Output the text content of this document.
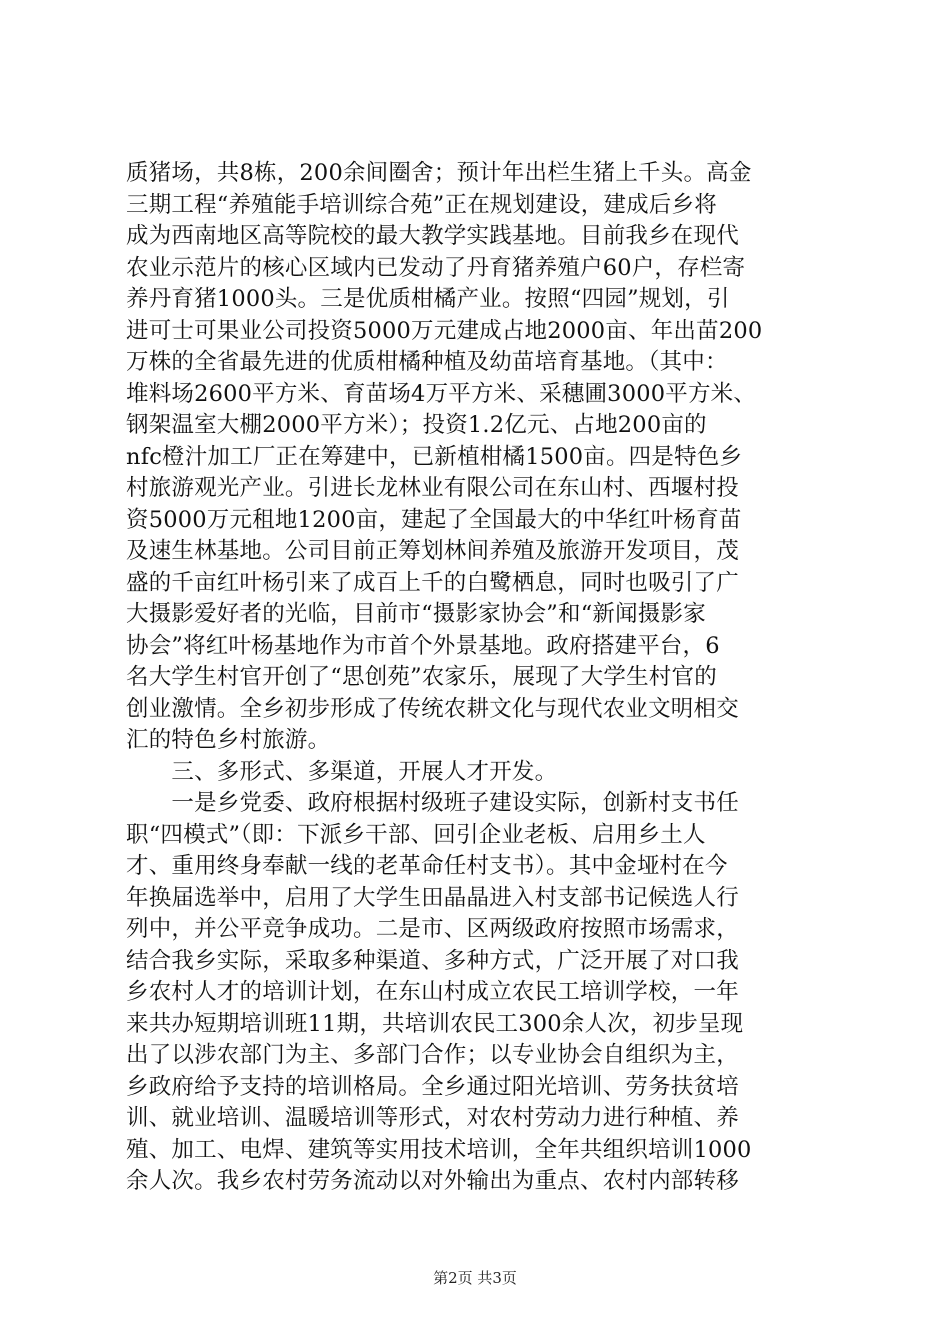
质猪场，共8栋，200余间圈舍；预计年出栏生猪上千头。高金
三期工程“养殖能手培训综合苑”正在规划建设，建成后乡将
成为西南地区高等院校的最大教学实践基地。目前我乡在现代
农业示范片的核心区域内已发动了丹育猪养殖户60户，存栏寄
养丹育猪1000头。三是优质柑橘产业。按照“四园”规划，引
进可士可果业公司投资5000万元建成占地2000亩、年出苗200
万株的全省最先进的优质柑橘种植及幼苗培育基地。（其中：
堆料场2600平方米、育苗场4万平方米、采穗圃3000平方米、
钢架温室大棚2000平方米）；投资1.2亿元、占地200亩的
nfc橙汁加工厂正在筹建中，已新植柑橘1500亩。四是特色乡
村旅游观光产业。引进长龙林业有限公司在东山村、西堰村投
资5000万元租地1200亩，建起了全国最大的中华红叶杨育苗
及速生林基地。公司目前正筹划林间养殖及旅游开发项目，茂
盛的千亩红叶杨引来了成百上千的白鹭栖息，同时也吸引了广
大摄影爱好者的光临，目前市“摄影家协会”和“新闻摄影家
协会”将红叶杨基地作为市首个外景基地。政府搭建平台，6
名大学生村官开创了“思创苑”农家乐，展现了大学生村官的
创业激情。全乡初步形成了传统农耕文化与现代农业文明相交
汇的特色乡村旅游。
　　三、多形式、多渠道，开展人才开发。
　　一是乡党委、政府根据村级班子建设实际，创新村支书任
职“四模式”（即：下派乡干部、回引企业老板、启用乡土人
才、重用终身奉献一线的老革命任村支书）。其中金垭村在今
年换届选举中，启用了大学生田晶晶进入村支部书记候选人行
列中，并公平竞争成功。二是市、区两级政府按照市场需求，
结合我乡实际，采取多种渠道、多种方式，广泛开展了对口我
乡农村人才的培训计划，在东山村成立农民工培训学校，一年
来共办短期培训班11期，共培训农民工300余人次，初步呈现
出了以涉农部门为主、多部门合作；以专业协会自组织为主，
乡政府给予支持的培训格局。全乡通过阳光培训、劳务扶贫培
训、就业培训、温暖培训等形式，对农村劳动力进行种植、养
殖、加工、电焊、建筑等实用技术培训，全年共组织培训1000
余人次。我乡农村劳务流动以对外输出为重点、农村内部转移
第2页 共3页
